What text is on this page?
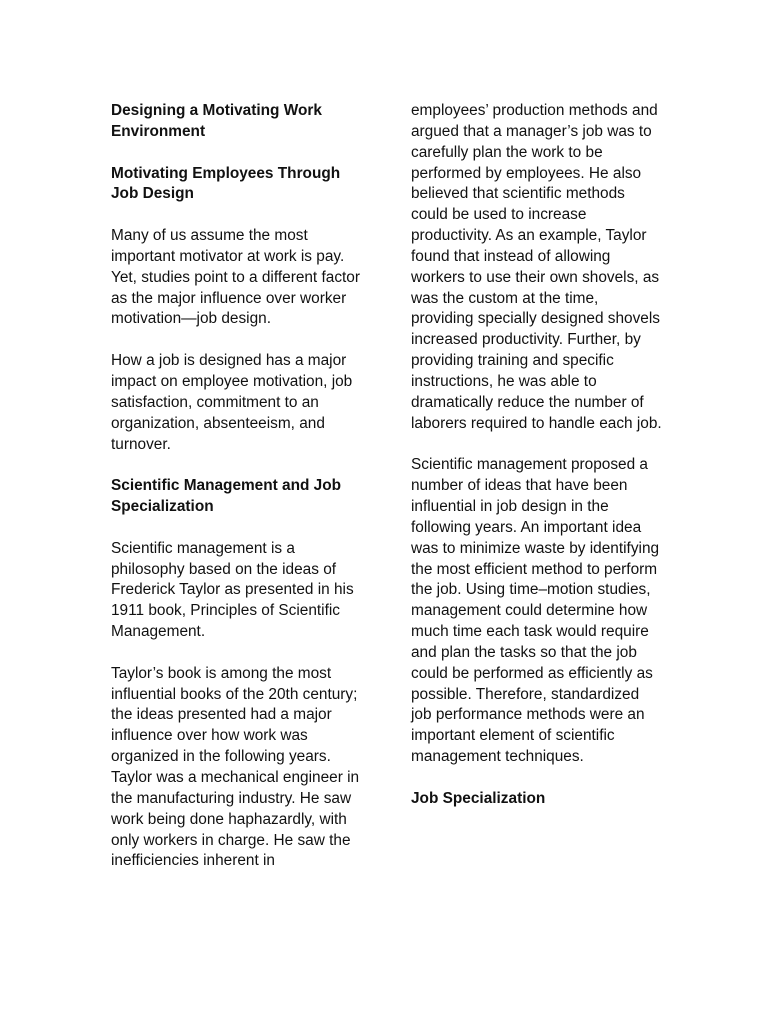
Designing a Motivating Work Environment
Motivating Employees Through Job Design

Many of us assume the most important motivator at work is pay. Yet, studies point to a different factor as the major influence over worker motivation—job design.

How a job is designed has a major impact on employee motivation, job satisfaction, commitment to an organization, absenteeism, and turnover.

Scientific Management and Job Specialization

Scientific management is a philosophy based on the ideas of Frederick Taylor as presented in his 1911 book, Principles of Scientific Management.

Taylor’s book is among the most influential books of the 20th century; the ideas presented had a major influence over how work was organized in the following years. Taylor was a mechanical engineer in the manufacturing industry. He saw work being done haphazardly, with only workers in charge. He saw the inefficiencies inherent in

employees’ production methods and argued that a manager’s job was to carefully plan the work to be performed by employees. He also believed that scientific methods could be used to increase productivity. As an example, Taylor found that instead of allowing workers to use their own shovels, as was the custom at the time, providing specially designed shovels increased productivity. Further, by providing training and specific instructions, he was able to dramatically reduce the number of laborers required to handle each job.

Scientific management proposed a number of ideas that have been influential in job design in the following years. An important idea was to minimize waste by identifying the most efficient method to perform the job. Using time–motion studies, management could determine how much time each task would require and plan the tasks so that the job could be performed as efficiently as possible. Therefore, standardized job performance methods were an important element of scientific management techniques.

Job Specialization
